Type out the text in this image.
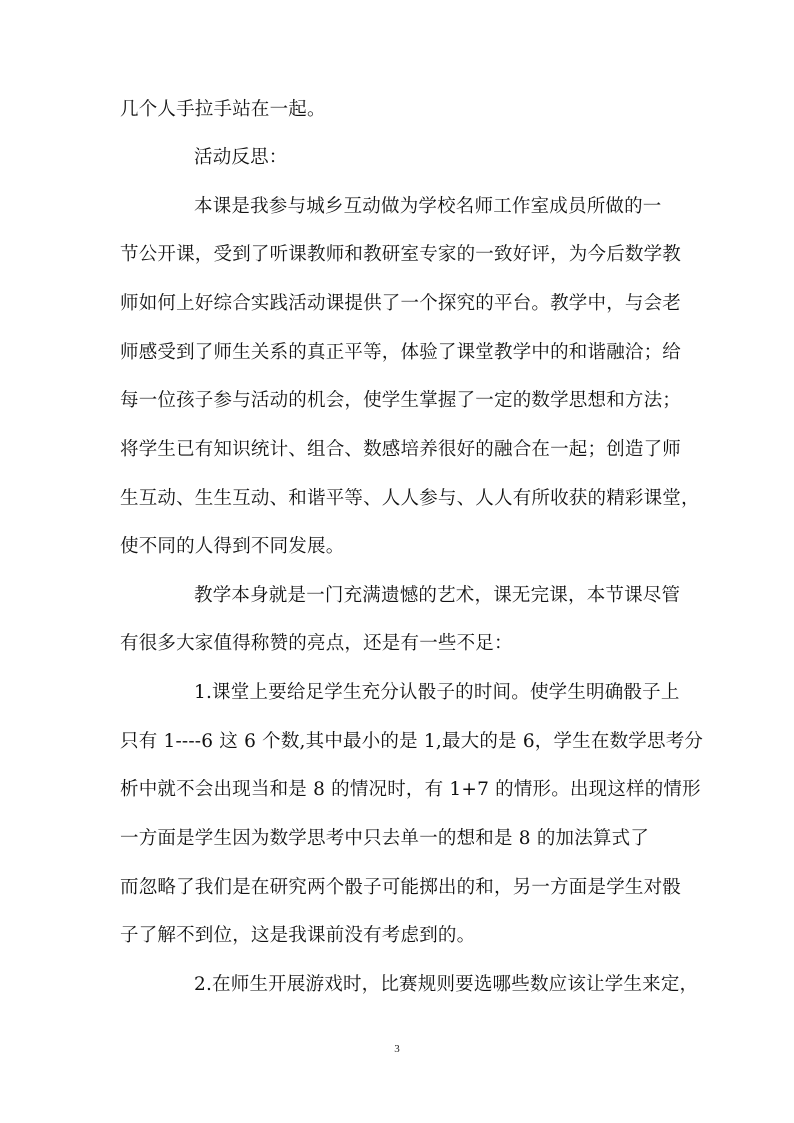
几个人手拉手站在一起。
活动反思：
本课是我参与城乡互动做为学校名师工作室成员所做的一
节公开课，受到了听课教师和教研室专家的一致好评，为今后数学教
师如何上好综合实践活动课提供了一个探究的平台。教学中，与会老
师感受到了师生关系的真正平等，体验了课堂教学中的和谐融洽；给
每一位孩子参与活动的机会，使学生掌握了一定的数学思想和方法；
将学生已有知识统计、组合、数感培养很好的融合在一起；创造了师
生互动、生生互动、和谐平等、人人参与、人人有所收获的精彩课堂，
使不同的人得到不同发展。
教学本身就是一门充满遗憾的艺术，课无完课，本节课尽管
有很多大家值得称赞的亮点，还是有一些不足：
1.课堂上要给足学生充分认骰子的时间。使学生明确骰子上
只有 1----6 这 6 个数,其中最小的是 1,最大的是 6，学生在数学思考分
析中就不会出现当和是 8 的情况时，有 1+7 的情形。出现这样的情形
一方面是学生因为数学思考中只去单一的想和是 8 的加法算式了
而忽略了我们是在研究两个骰子可能掷出的和，另一方面是学生对骰
子了解不到位，这是我课前没有考虑到的。
2.在师生开展游戏时，比赛规则要选哪些数应该让学生来定，
3
